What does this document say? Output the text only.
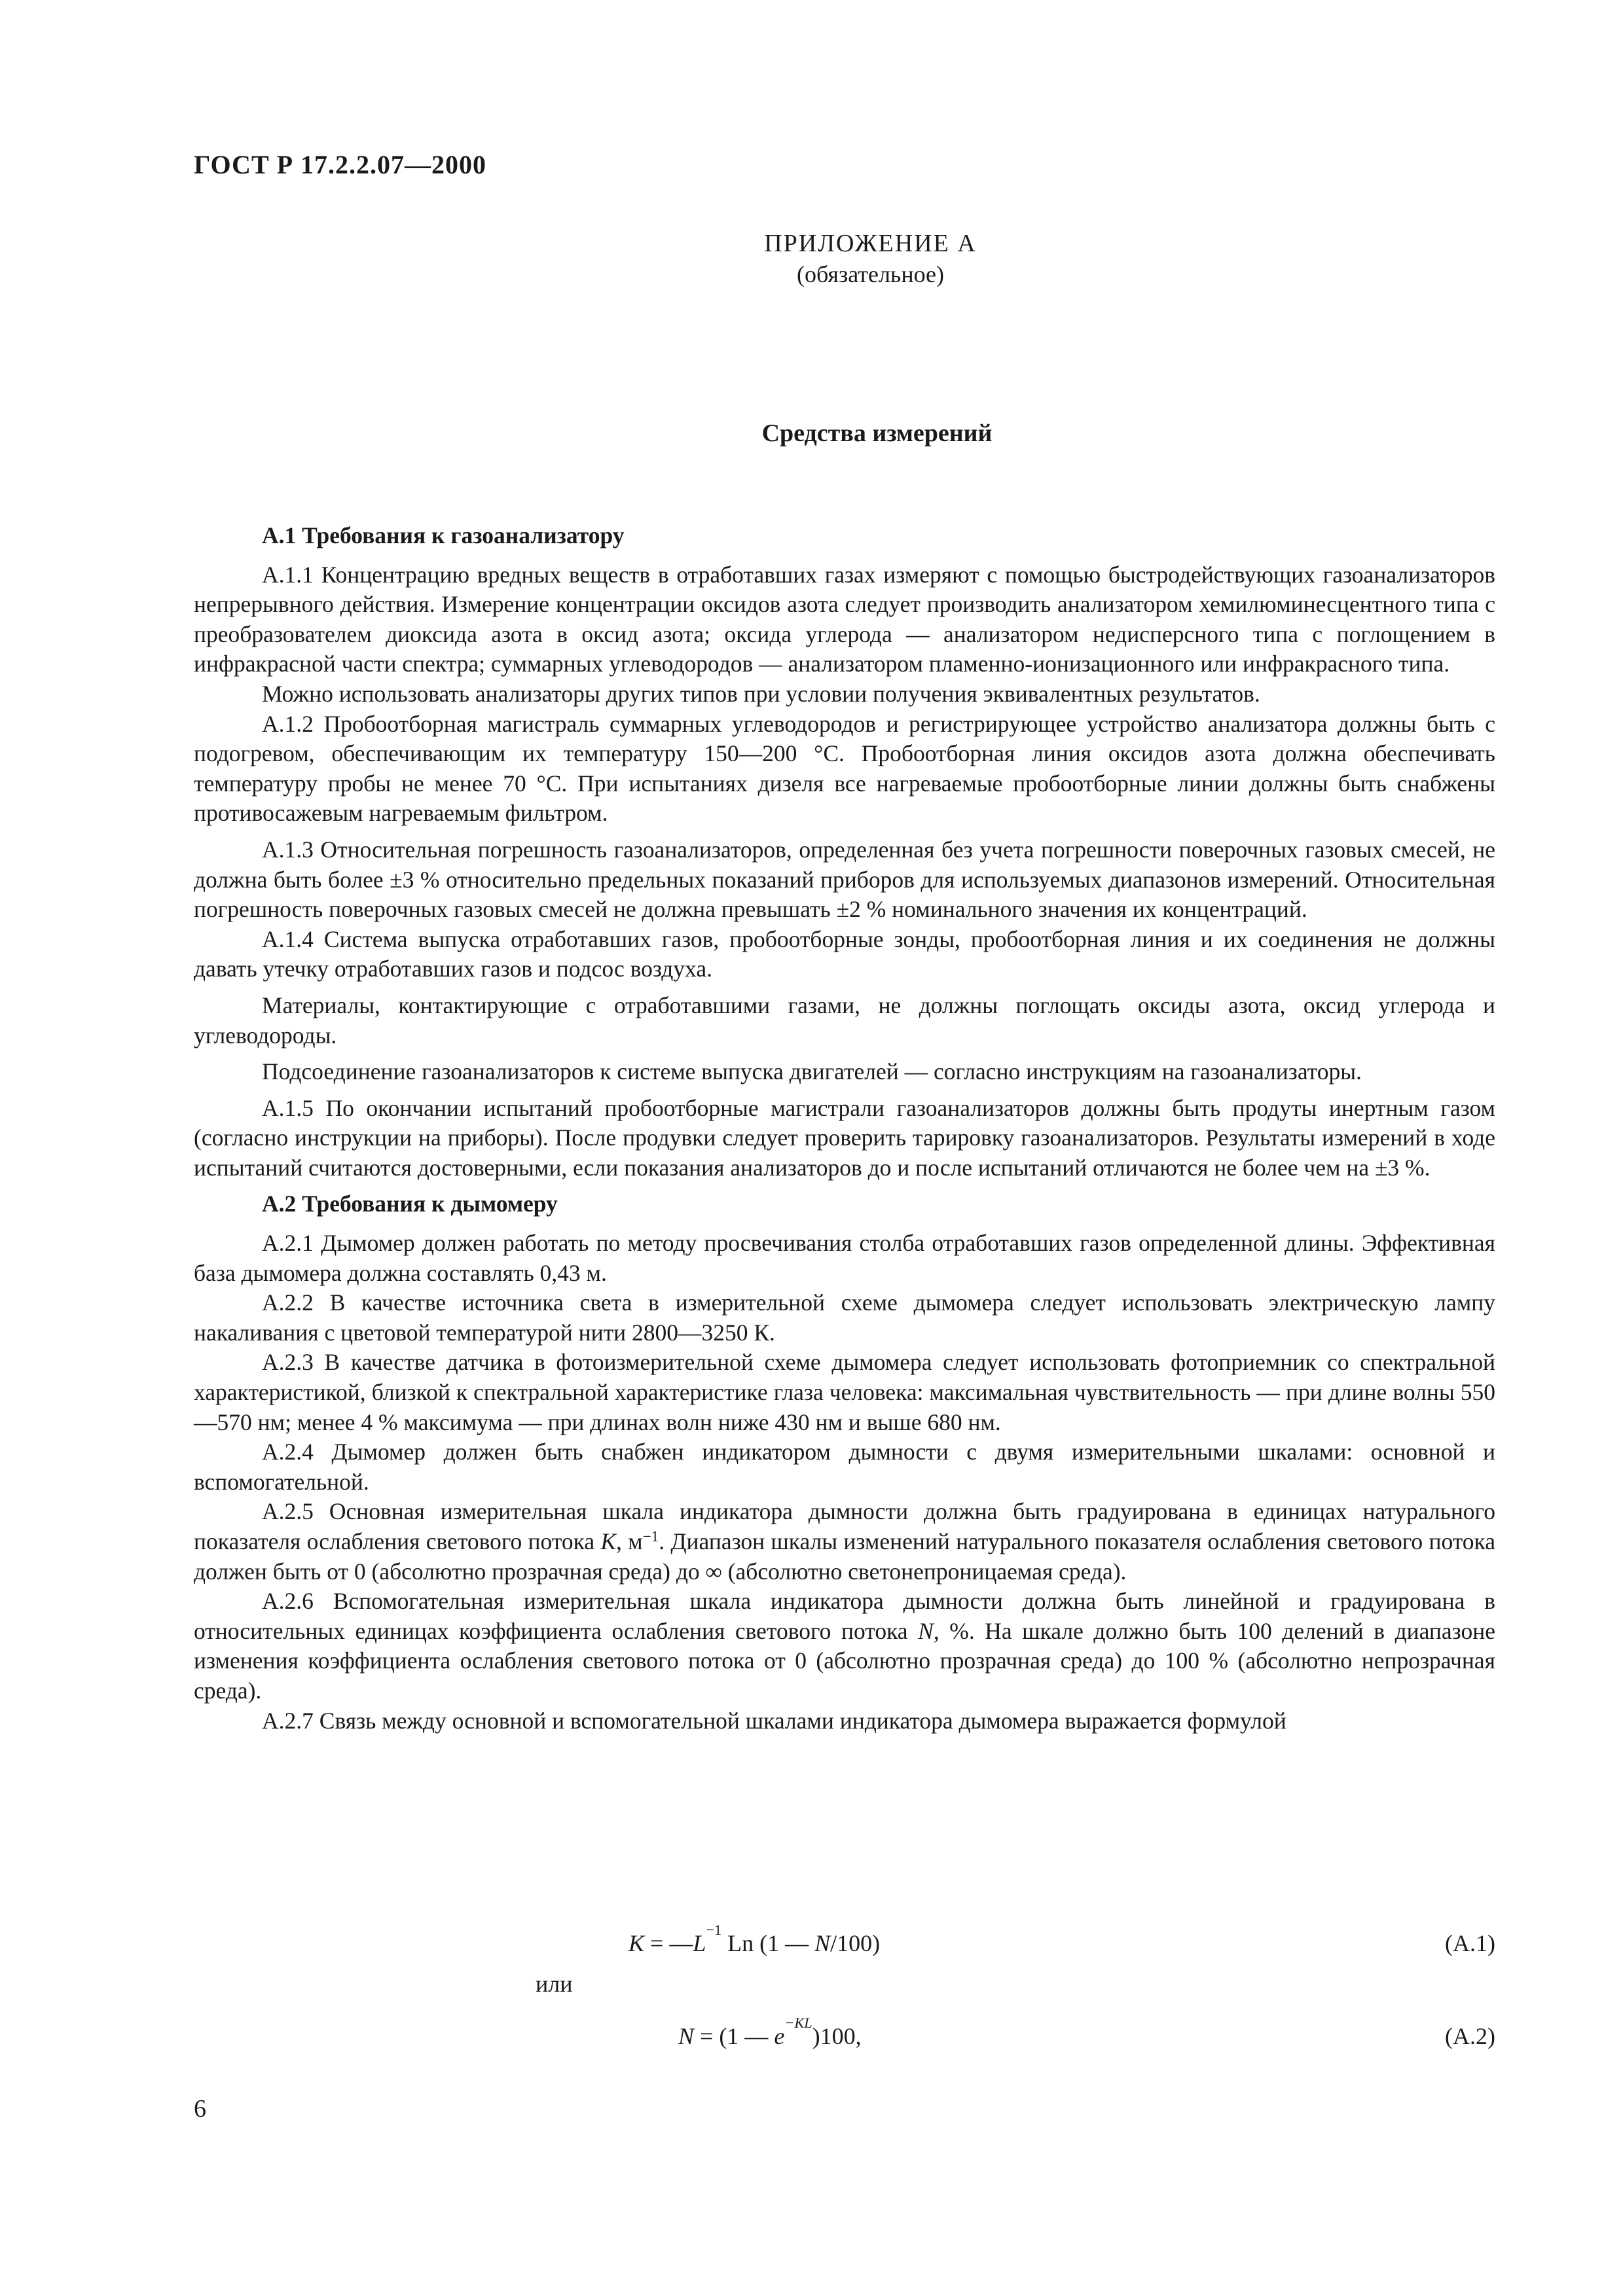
ГОСТ Р 17.2.2.07—2000
ПРИЛОЖЕНИЕ А
(обязательное)
Средства измерений

А.1 Требования к газоанализатору

А.1.1 Концентрацию вредных веществ в отработавших газах измеряют с помощью быстродействующих газоанализаторов непрерывного действия. Измерение концентрации оксидов азота следует производить анализатором хемилюминесцентного типа с преобразователем диоксида азота в оксид азота; оксида углерода — анализатором недисперсного типа с поглощением в инфракрасной части спектра; суммарных углеводородов — анализатором пламенно-ионизационного или инфракрасного типа.

Можно использовать анализаторы других типов при условии получения эквивалентных результатов.

А.1.2 Пробоотборная магистраль суммарных углеводородов и регистрирующее устройство анализатора должны быть с подогревом, обеспечивающим их температуру 150—200 °С. Пробоотборная линия оксидов азота должна обеспечивать температуру пробы не менее 70 °С. При испытаниях дизеля все нагреваемые пробоотборные линии должны быть снабжены противосажевым нагреваемым фильтром.

А.1.3 Относительная погрешность газоанализаторов, определенная без учета погрешности поверочных газовых смесей, не должна быть более ±3 % относительно предельных показаний приборов для используемых диапазонов измерений. Относительная погрешность поверочных газовых смесей не должна превышать ±2 % номинального значения их концентраций.

А.1.4 Система выпуска отработавших газов, пробоотборные зонды, пробоотборная линия и их соединения не должны давать утечку отработавших газов и подсос воздуха.

Материалы, контактирующие с отработавшими газами, не должны поглощать оксиды азота, оксид углерода и углеводороды.

Подсоединение газоанализаторов к системе выпуска двигателей — согласно инструкциям на газоанализаторы.

А.1.5 По окончании испытаний пробоотборные магистрали газоанализаторов должны быть продуты инертным газом (согласно инструкции на приборы). После продувки следует проверить тарировку газоанализаторов. Результаты измерений в ходе испытаний считаются достоверными, если показания анализаторов до и после испытаний отличаются не более чем на ±3 %.

А.2 Требования к дымомеру

А.2.1 Дымомер должен работать по методу просвечивания столба отработавших газов определенной длины. Эффективная база дымомера должна составлять 0,43 м.

А.2.2 В качестве источника света в измерительной схеме дымомера следует использовать электрическую лампу накаливания с цветовой температурой нити 2800—3250 К.

А.2.3 В качестве датчика в фотоизмерительной схеме дымомера следует использовать фотоприемник со спектральной характеристикой, близкой к спектральной характеристике глаза человека: максимальная чувствительность — при длине волны 550—570 нм; менее 4 % максимума — при длинах волн ниже 430 нм и выше 680 нм.

А.2.4 Дымомер должен быть снабжен индикатором дымности с двумя измерительными шкалами: основной и вспомогательной.

А.2.5 Основная измерительная шкала индикатора дымности должна быть градуирована в единицах натурального показателя ослабления светового потока K, $м^{-1}$. Диапазон шкалы изменений натурального показателя ослабления светового потока должен быть от 0 (абсолютно прозрачная среда) до ∞ (абсолютно светонепроницаемая среда).

А.2.6 Вспомогательная измерительная шкала индикатора дымности должна быть линейной и градуирована в относительных единицах коэффициента ослабления светового потока N, %. На шкале должно быть 100 делений в диапазоне изменения коэффициента ослабления светового потока от 0 (абсолютно прозрачная среда) до 100 % (абсолютно непрозрачная среда).

А.2.7 Связь между основной и вспомогательной шкалами индикатора дымомера выражается формулой

$K = —L^{-1}$ Ln (1 — N/100)	(А.1)
или
N = (1 — $e^{-KL})100$,	(А.2)
6
